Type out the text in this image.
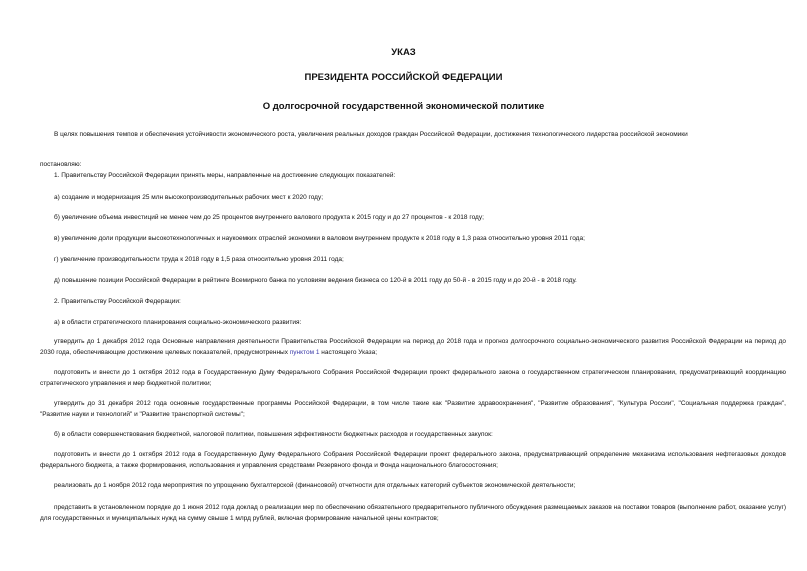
УКАЗ
ПРЕЗИДЕНТА РОССИЙСКОЙ ФЕДЕРАЦИИ
О долгосрочной государственной экономической политике

В целях повышения темпов и обеспечения устойчивости экономического роста, увеличения реальных доходов граждан Российской Федерации, достижения технологического лидерства российской экономики

постановляю:

1. Правительству Российской Федерации принять меры, направленные на достижение следующих показателей:

а) создание и модернизация 25 млн высокопроизводительных рабочих мест к 2020 году;

б) увеличение объема инвестиций не менее чем до 25 процентов внутреннего валового продукта к 2015 году и до 27 процентов - к 2018 году;

в) увеличение доли продукции высокотехнологичных и наукоемких отраслей экономики в валовом внутреннем продукте к 2018 году в 1,3 раза относительно уровня 2011 года;

г) увеличение производительности труда к 2018 году в 1,5 раза относительно уровня 2011 года;

д) повышение позиции Российской Федерации в рейтинге Всемирного банка по условиям ведения бизнеса со 120-й в 2011 году до 50-й - в 2015 году и до 20-й - в 2018 году.

2. Правительству Российской Федерации:

а) в области стратегического планирования социально-экономического развития:

утвердить до 1 декабря 2012 года Основные направления деятельности Правительства Российской Федерации на период до 2018 года и прогноз долгосрочного социально-экономического развития Российской Федерации на период до 2030 года, обеспечивающие достижение целевых показателей, предусмотренных пунктом 1 настоящего Указа;

подготовить и внести до 1 октября 2012 года в Государственную Думу Федерального Собрания Российской Федерации проект федерального закона о государственном стратегическом планировании, предусматривающий координацию стратегического управления и мер бюджетной политики;

утвердить до 31 декабря 2012 года основные государственные программы Российской Федерации, в том числе такие как "Развитие здравоохранения", "Развитие образования", "Культура России", "Социальная поддержка граждан", "Развитие науки и технологий" и "Развитие транспортной системы";

б) в области совершенствования бюджетной, налоговой политики, повышения эффективности бюджетных расходов и государственных закупок:

подготовить и внести до 1 октября 2012 года в Государственную Думу Федерального Собрания Российской Федерации проект федерального закона, предусматривающий определение механизма использования нефтегазовых доходов федерального бюджета, а также формирования, использования и управления средствами Резервного фонда и Фонда национального благосостояния;

реализовать до 1 ноября 2012 года мероприятия по упрощению бухгалтерской (финансовой) отчетности для отдельных категорий субъектов экономической деятельности;

представить в установленном порядке до 1 июня 2012 года доклад о реализации мер по обеспечению обязательного предварительного публичного обсуждения размещаемых заказов на поставки товаров (выполнение работ, оказание услуг) для государственных и муниципальных нужд на сумму свыше 1 млрд рублей, включая формирование начальной цены контрактов;
